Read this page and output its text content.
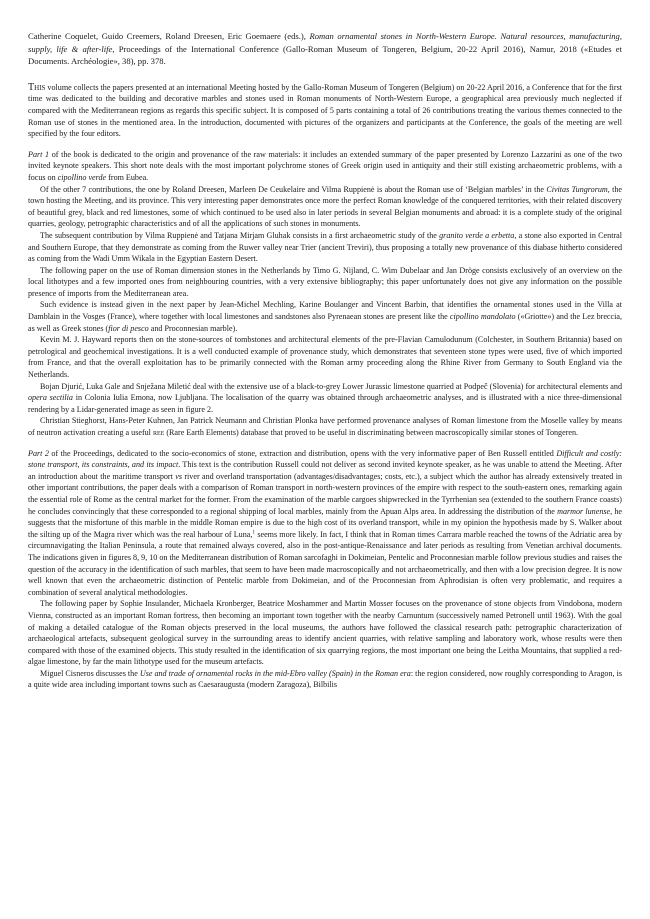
Catherine Coquelet, Guido Creemers, Roland Dreesen, Eric Goemaere (eds.), Roman ornamental stones in North-Western Europe. Natural resources, manufacturing, supply, life & after-life, Proceedings of the International Conference (Gallo-Roman Museum of Tongeren, Belgium, 20-22 April 2016), Namur, 2018 («Etudes et Documents. Archéologie», 38), pp. 378.

This volume collects the papers presented at an international Meeting hosted by the Gallo-Roman Museum of Tongeren (Belgium) on 20-22 April 2016, a Conference that for the first time was dedicated to the building and decorative marbles and stones used in Roman monuments of North-Western Europe, a geographical area previously much neglected if compared with the Mediterranean regions as regards this specific subject. It is composed of 5 parts containing a total of 26 contributions treating the various themes connected to the Roman use of stones in the mentioned area. In the introduction, documented with pictures of the organizers and participants at the Conference, the goals of the meeting are well specified by the four editors.

Part 1 of the book is dedicated to the origin and provenance of the raw materials: it includes an extended summary of the paper presented by Lorenzo Lazzarini as one of the two invited keynote speakers. This short note deals with the most important polychrome stones of Greek origin used in antiquity and their still existing archaeometric problems, with a focus on cipollino verde from Eubea.

Of the other 7 contributions, the one by Roland Dreesen, Marleen De Ceukelaire and Vilma Ruppienė is about the Roman use of ‘Belgian marbles’ in the Civitas Tungrorum, the town hosting the Meeting, and its province. This very interesting paper demonstrates once more the perfect Roman knowledge of the conquered territories, with their related discovery of beautiful grey, black and red limestones, some of which continued to be used also in later periods in several Belgian monuments and abroad: it is a complete study of the original quarries, geology, petrographic characteristics and of all the applications of such stones in monuments.

The subsequent contribution by Vilma Ruppienė and Tatjana Mirjam Gluhak consists in a first archaeometric study of the granito verde a erbetta, a stone also exported in Central and Southern Europe, that they demonstrate as coming from the Ruwer valley near Trier (ancient Treviri), thus proposing a totally new provenance of this diabase hitherto considered as coming from the Wadi Umm Wikala in the Egyptian Eastern Desert.

The following paper on the use of Roman dimension stones in the Netherlands by Timo G. Nijland, C. Wim Dubelaar and Jan Dröge consists exclusively of an overview on the local lithotypes and a few imported ones from neighbouring countries, with a very extensive bibliography; this paper unfortunately does not give any information on the possible presence of imports from the Mediterranean area.

Such evidence is instead given in the next paper by Jean-Michel Mechling, Karine Boulanger and Vincent Barbin, that identifies the ornamental stones used in the Villa at Damblain in the Vosges (France), where together with local limestones and sandstones also Pyrenaean stones are present like the cipollino mandolato («Griotte») and the Lez breccia, as well as Greek stones (fior di pesco and Proconnesian marble).

Kevin M. J. Hayward reports then on the stone-sources of tombstones and architectural elements of the pre-Flavian Camulodunum (Colchester, in Southern Britannia) based on petrological and geochemical investigations. It is a well conducted example of provenance study, which demonstrates that seventeen stone types were used, five of which imported from France, and that the overall exploitation has to be primarily connected with the Roman army proceeding along the Rhine River from Germany to South England via the Netherlands.

Bojan Djurić, Luka Gale and Snježana Miletić deal with the extensive use of a black-to-grey Lower Jurassic limestone quarried at Podpeč (Slovenia) for architectural elements and opera sectilia in Colonia Iulia Emona, now Ljubljana. The localisation of the quarry was obtained through archaeometric analyses, and is illustrated with a nice three-dimensional rendering by a Lidar-generated image as seen in figure 2.

Christian Stieghorst, Hans-Peter Kuhnen, Jan Patrick Neumann and Christian Plonka have performed provenance analyses of Roman limestone from the Moselle valley by means of neutron activation creating a useful ree (Rare Earth Elements) database that proved to be useful in discriminating between macroscopically similar stones of Tongeren.

Part 2 of the Proceedings, dedicated to the socio-economics of stone, extraction and distribution, opens with the very informative paper of Ben Russell entitled Difficult and costly: stone transport, its constraints, and its impact. This text is the contribution Russell could not deliver as second invited keynote speaker, as he was unable to attend the Meeting. After an introduction about the maritime transport vs river and overland transportation (advantages/disadvantages; costs, etc.), a subject which the author has already extensively treated in other important contributions, the paper deals with a comparison of Roman transport in north-western provinces of the empire with respect to the south-eastern ones, remarking again the essential role of Rome as the central market for the former. From the examination of the marble cargoes shipwrecked in the Tyrrhenian sea (extended to the southern France coasts) he concludes convincingly that these corresponded to a regional shipping of local marbles, mainly from the Apuan Alps area. In addressing the distribution of the marmor lunense, he suggests that the misfortune of this marble in the middle Roman empire is due to the high cost of its overland transport, while in my opinion the hypothesis made by S. Walker about the silting up of the Magra river which was the real harbour of Luna,$^1$ seems more likely. In fact, I think that in Roman times Carrara marble reached the towns of the Adriatic area by circumnavigating the Italian Peninsula, a route that remained always covered, also in the post-antique-Renaissance and later periods as resulting from Venetian archival documents. The indications given in figures 8, 9, 10 on the Mediterranean distribution of Roman sarcofaghi in Dokimeian, Pentelic and Proconnesian marble follow previous studies and raises the question of the accuracy in the identification of such marbles, that seem to have been made macroscopically and not archaeometrically, and then with a low precision degree. It is now well known that even the archaeometric distinction of Pentelic marble from Dokimeian, and of the Proconnesian from Aphrodisian is often very problematic, and requires a combination of several analytical methodologies.

The following paper by Sophie Insulander, Michaela Kronberger, Beatrice Moshammer and Martin Mosser focuses on the provenance of stone objects from Vindobona, modern Vienna, constructed as an important Roman fortress, then becoming an important town together with the nearby Carnuntum (successively named Petronell until 1963). With the goal of making a detailed catalogue of the Roman objects preserved in the local museums, the authors have followed the classical research path: petrographic characterization of archaeological artefacts, subsequent geological survey in the surrounding areas to identify ancient quarries, with relative sampling and laboratory work, whose results were then compared with those of the examined objects. This study resulted in the identification of six quarrying regions, the most important one being the Leitha Mountains, that supplied a red-algae limestone, by far the main lithotype used for the museum artefacts.

Miguel Cisneros discusses the Use and trade of ornamental rocks in the mid-Ebro valley (Spain) in the Roman era: the region considered, now roughly corresponding to Aragon, is a quite wide area including important towns such as Caesaraugusta (modern Zaragoza), Bilbilis
